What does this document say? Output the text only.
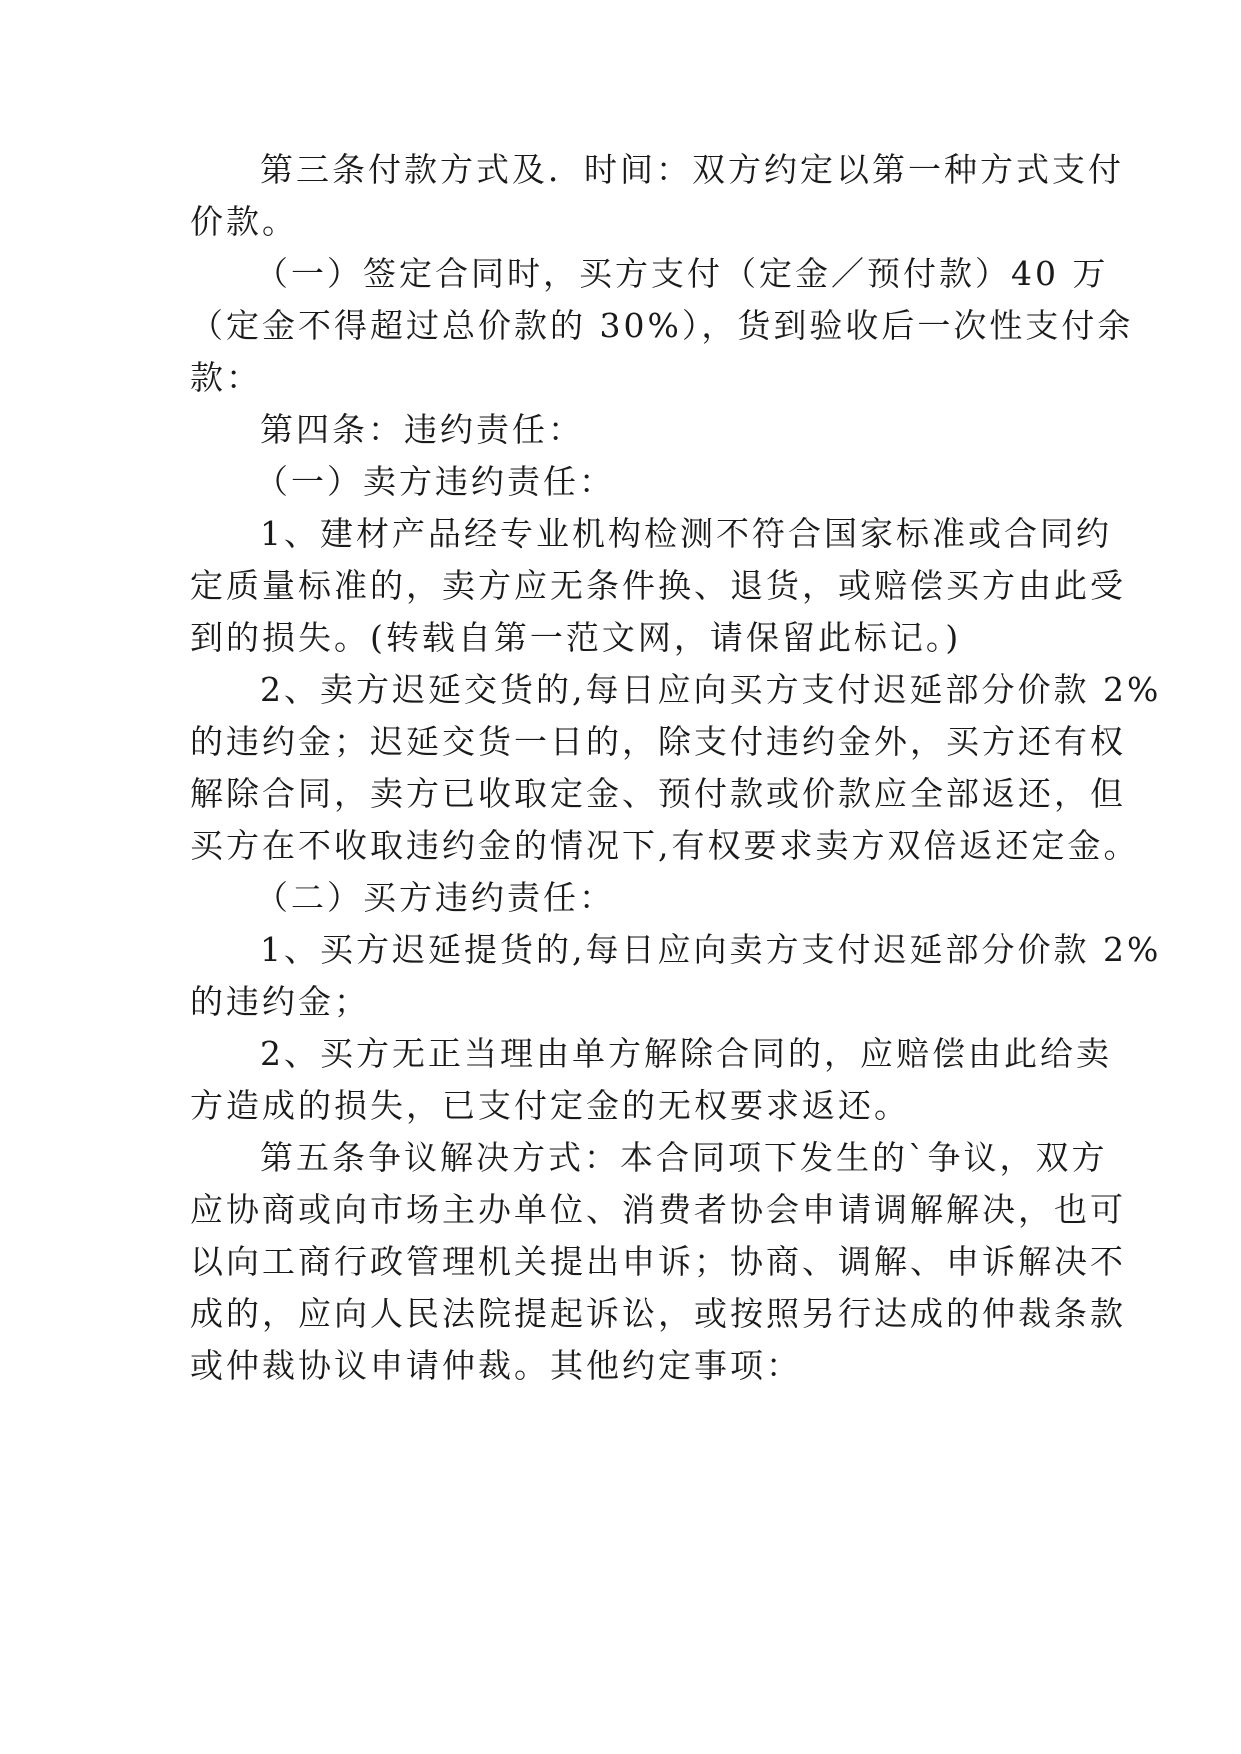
第三条付款方式及．时间：双方约定以第一种方式支付
价款。
（一）签定合同时，买方支付（定金／预付款）40 万
（定金不得超过总价款的 30%），货到验收后一次性支付余
款：
第四条：违约责任：
（一）卖方违约责任：
1、建材产品经专业机构检测不符合国家标准或合同约
定质量标准的，卖方应无条件换、退货，或赔偿买方由此受
到的损失。(转载自第一范文网，请保留此标记。)
2、卖方迟延交货的,每日应向买方支付迟延部分价款 2%
的违约金；迟延交货一日的，除支付违约金外，买方还有权
解除合同，卖方已收取定金、预付款或价款应全部返还，但
买方在不收取违约金的情况下,有权要求卖方双倍返还定金。
（二）买方违约责任：
1、买方迟延提货的,每日应向卖方支付迟延部分价款 2%
的违约金；
2、买方无正当理由单方解除合同的，应赔偿由此给卖
方造成的损失，已支付定金的无权要求返还。
第五条争议解决方式：本合同项下发生的`争议，双方
应协商或向市场主办单位、消费者协会申请调解解决，也可
以向工商行政管理机关提出申诉；协商、调解、申诉解决不
成的，应向人民法院提起诉讼，或按照另行达成的仲裁条款
或仲裁协议申请仲裁。其他约定事项：
